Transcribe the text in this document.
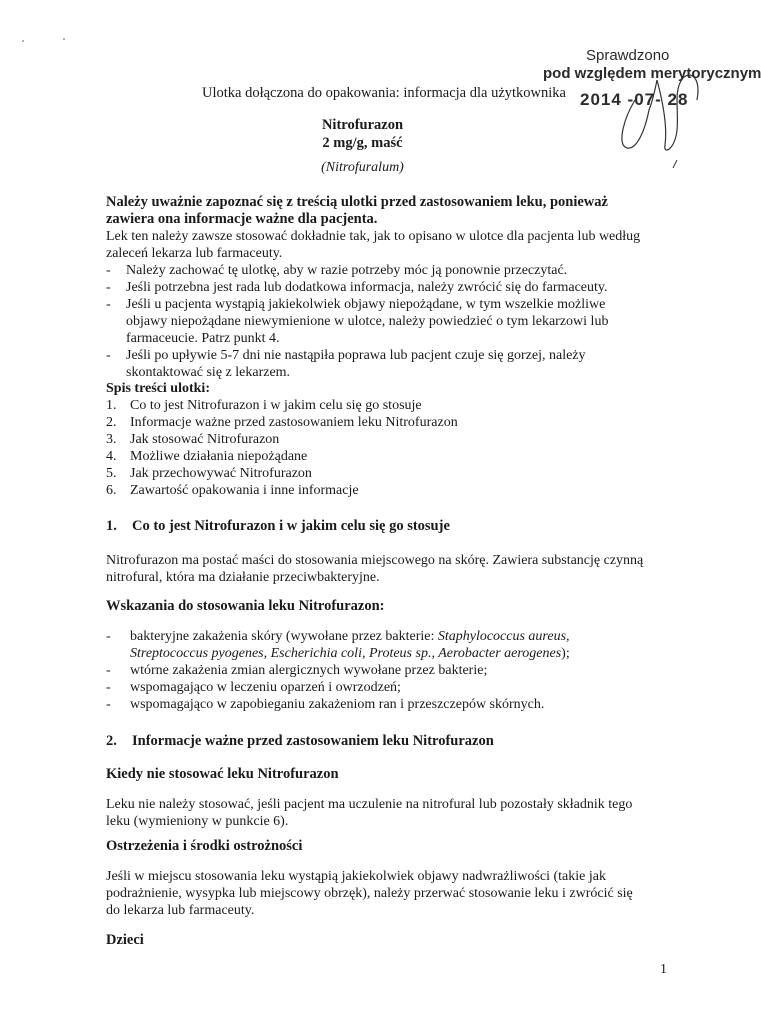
Sprawdzono
pod względem merytorycznym
2014 -07- 28
Ulotka dołączona do opakowania: informacja dla użytkownika
Nitrofurazon
2 mg/g, maść
(Nitrofuralum)
Należy uważnie zapoznać się z treścią ulotki przed zastosowaniem leku, ponieważ zawiera ona informacje ważne dla pacjenta.
Lek ten należy zawsze stosować dokładnie tak, jak to opisano w ulotce dla pacjenta lub według zaleceń lekarza lub farmaceuty.
- Należy zachować tę ulotkę, aby w razie potrzeby móc ją ponownie przeczytać.
- Jeśli potrzebna jest rada lub dodatkowa informacja, należy zwrócić się do farmaceuty.
- Jeśli u pacjenta wystąpią jakiekolwiek objawy niepożądane, w tym wszelkie możliwe objawy niepożądane niewymienione w ulotce, należy powiedzieć o tym lekarzowi lub farmaceucie. Patrz punkt 4.
- Jeśli po upływie 5-7 dni nie nastąpiła poprawa lub pacjent czuje się gorzej, należy skontaktować się z lekarzem.
Spis treści ulotki:
1. Co to jest Nitrofurazon i w jakim celu się go stosuje
2. Informacje ważne przed zastosowaniem leku Nitrofurazon
3. Jak stosować Nitrofurazon
4. Możliwe działania niepożądane
5. Jak przechowywać Nitrofurazon
6. Zawartość opakowania i inne informacje
1. Co to jest Nitrofurazon i w jakim celu się go stosuje
Nitrofurazon ma postać maści do stosowania miejscowego na skórę. Zawiera substancję czynną nitrofural, która ma działanie przeciwbakteryjne.
Wskazania do stosowania leku Nitrofurazon:
- bakteryjne zakażenia skóry (wywołane przez bakterie: Staphylococcus aureus, Streptococcus pyogenes, Escherichia coli, Proteus sp., Aerobacter aerogenes);
- wtórne zakażenia zmian alergicznych wywołane przez bakterie;
- wspomagająco w leczeniu oparzeń i owrzodzeń;
- wspomagająco w zapobieganiu zakażeniom ran i przeszczepów skórnych.
2. Informacje ważne przed zastosowaniem leku Nitrofurazon
Kiedy nie stosować leku Nitrofurazon
Leku nie należy stosować, jeśli pacjent ma uczulenie na nitrofural lub pozostały składnik tego leku (wymieniony w punkcie 6).
Ostrzeżenia i środki ostrożności
Jeśli w miejscu stosowania leku wystąpią jakiekolwiek objawy nadwrażliwości (takie jak podrażnienie, wysypka lub miejscowy obrzęk), należy przerwać stosowanie leku i zwrócić się do lekarza lub farmaceuty.
Dzieci
1
